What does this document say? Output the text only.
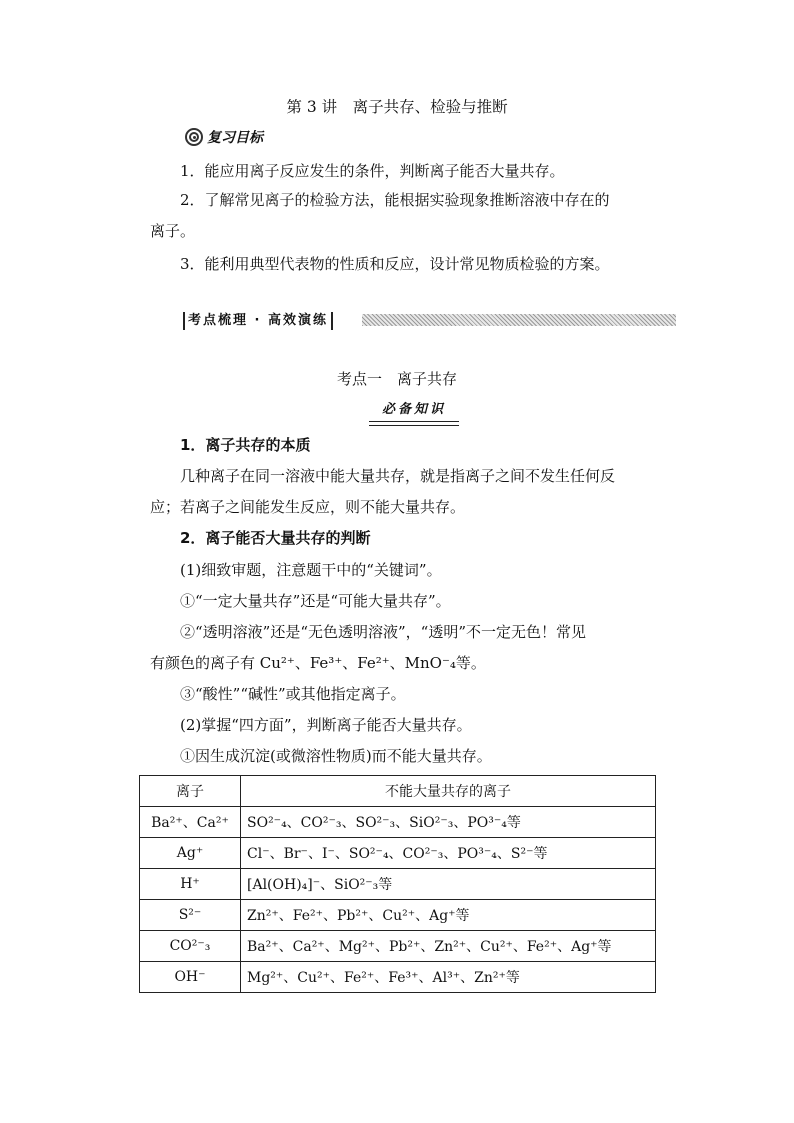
第 3 讲　离子共存、检验与推断
复习目标
1．能应用离子反应发生的条件，判断离子能否大量共存。
2．了解常见离子的检验方法，能根据实验现象推断溶液中存在的
离子。
3．能利用典型代表物的性质和反应，设计常见物质检验的方案。
考点梳理 · 高效演练
考点一　离子共存
必备知识
1．离子共存的本质
几种离子在同一溶液中能大量共存，就是指离子之间不发生任何反
应；若离子之间能发生反应，则不能大量共存。
2．离子能否大量共存的判断
(1)细致审题，注意题干中的“关键词”。
①“一定大量共存”还是“可能大量共存”。
②“透明溶液”还是“无色透明溶液”，“透明”不一定无色！常见
有颜色的离子有 Cu²⁺、Fe³⁺、Fe²⁺、MnO⁻₄等。
③“酸性”“碱性”或其他指定离子。
(2)掌握“四方面”，判断离子能否大量共存。
①因生成沉淀(或微溶性物质)而不能大量共存。
离子	不能大量共存的离子
Ba²⁺、Ca²⁺	SO²⁻₄、CO²⁻₃、SO²⁻₃、SiO²⁻₃、PO³⁻₄等
Ag⁺	Cl⁻、Br⁻、I⁻、SO²⁻₄、CO²⁻₃、PO³⁻₄、S²⁻等
H⁺	[Al(OH)₄]⁻、SiO²⁻₃等
S²⁻	Zn²⁺、Fe²⁺、Pb²⁺、Cu²⁺、Ag⁺等
CO²⁻₃	Ba²⁺、Ca²⁺、Mg²⁺、Pb²⁺、Zn²⁺、Cu²⁺、Fe²⁺、Ag⁺等
OH⁻	Mg²⁺、Cu²⁺、Fe²⁺、Fe³⁺、Al³⁺、Zn²⁺等
